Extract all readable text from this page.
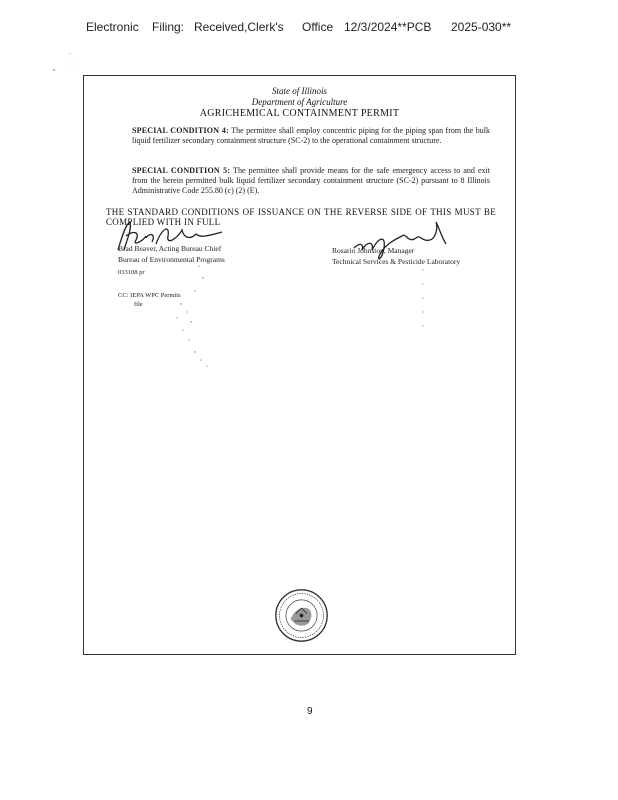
Electronic Filing: Received,Clerk's Office 12/3/2024**PCB 2025-030**
State of Illinois
Department of Agriculture
AGRICHEMICAL CONTAINMENT PERMIT
SPECIAL CONDITION 4: The permittee shall employ concentric piping for the piping span from the bulk liquid fertilizer secondary containment structure (SC-2) to the operational containment structure.
SPECIAL CONDITION 5: The permittee shall provide means for the safe emergency access to and exit from the herein permitted bulk liquid fertilizer secondary containment structure (SC-2) pursuant to 8 Illinois Administrative Code 255.80 (c) (2) (E).
THE STANDARD CONDITIONS OF ISSUANCE ON THE REVERSE SIDE OF THIS MUST BE COMPLIED WITH IN FULL
Brad Beaver, Acting Bureau Chief
Bureau of Environmental Programs
Rosario Johnston, Manager
Technical Services & Pesticide Laboratory
033108 pr
CC: IEPA WPC Permits
file
9
